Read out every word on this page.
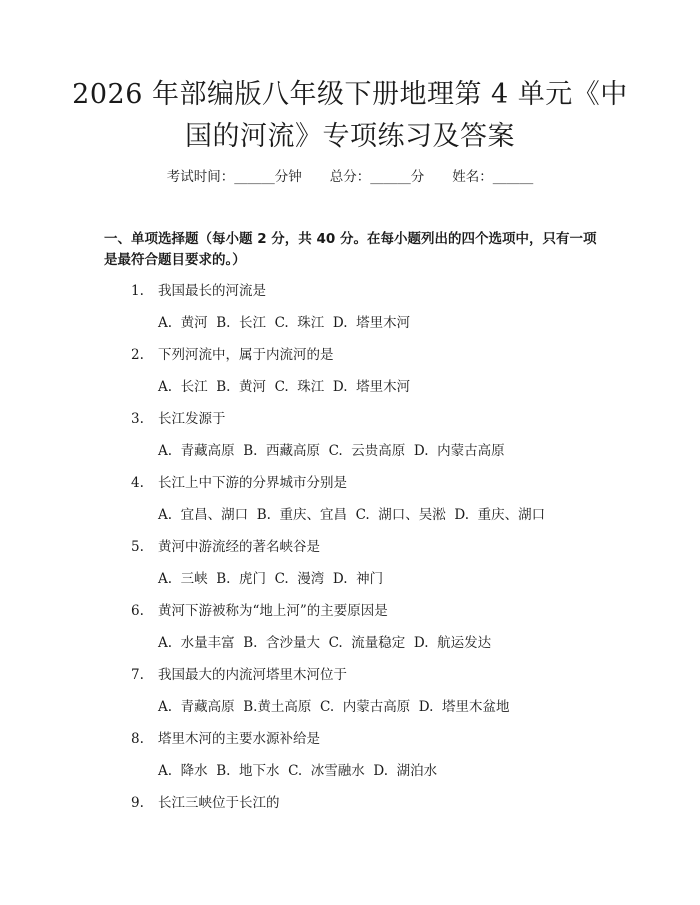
2026 年部编版八年级下册地理第 4 单元《中
国的河流》专项练习及答案
考试时间：______分钟 总分：______分 姓名：______

一、单项选择题（每小题 2 分，共 40 分。在每小题列出的四个选项中，只有一项是最符合题目要求的。）

1. 我国最长的河流是
A.  黄河  B.  长江  C.  珠江  D.  塔里木河
2. 下列河流中，属于内流河的是
A.  长江  B.  黄河  C.  珠江  D.  塔里木河
3. 长江发源于
A.  青藏高原  B.  西藏高原  C.  云贵高原  D.  内蒙古高原
4. 长江上中下游的分界城市分别是
A.  宜昌、湖口  B.  重庆、宜昌  C.  湖口、吴淞  D.  重庆、湖口
5. 黄河中游流经的著名峡谷是
A.  三峡  B.  虎门  C.  漫湾  D.  神门
6. 黄河下游被称为“地上河”的主要原因是
A.  水量丰富  B.  含沙量大  C.  流量稳定  D.  航运发达
7. 我国最大的内流河塔里木河位于
A.  青藏高原  B.黄土高原  C.  内蒙古高原  D.  塔里木盆地
8. 塔里木河的主要水源补给是
A.  降水  B.  地下水  C.  冰雪融水  D.  湖泊水
9. 长江三峡位于长江的
